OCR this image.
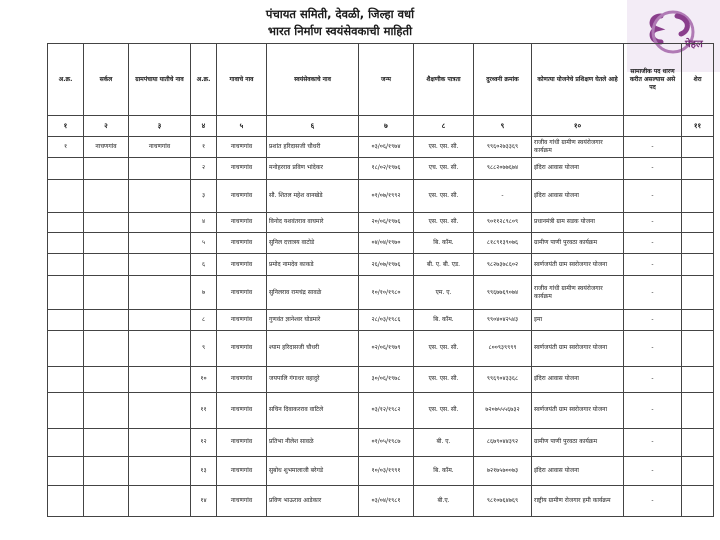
पंचायत समिती, देवळी, जिल्हा वर्धा
भारत निर्माण स्वयंसेवकाची माहिती
पेहल
अ.क्र.	सर्कल	ग्रामपंचाया यातीचे नाव	अ.क्र.	गावाचे नाव	स्वयंसेवकाचे नाव	जन्म	शैक्षणीक पात्रता	दुरध्वनी क्रमांक	कोणत्या योजनेचे प्रशिक्षण घेतले आहे	सामाजीक पद धारण करीत असल्यास असे पद	शेरा
१	२	३	४	५	६	७	८	९	१०		११
१	नाचणगांव	नाचणगांव	१	नाचणगांव	प्रशांत हरिदासजी चौधरी	०३/०६/१९७४	एस. एस. सी.	९९६०२७३३६९	राजीव गांधी ग्रामीण स्वयंरोजगार कार्यक्रम	-	
			२	नाचणगांव	मनोहरराव प्रविण भांदेकर	१८/०२/१९७६	एच. एस. सी.	९८८२०७७६७४	इंदिरा आवास योजना	-	
			३	नाचणगांव	सौ. शितल महेश वानखेडे	०१/०७/१९९२	एस. एस. सी.	-	इंदिरा आवास योजना	-	
			४	नाचणगांव	विनोद यशवंतराव वाघमारे	२०/०६/१९७६	एस. एस. सी.	९०११२८९८०९	प्रधानमंत्री ग्राम सडक योजना	-	
			५	नाचणगांव	सुनिल दत्तात्रय वाटोडे	०४/०४/१९७०	बि. कॉम.	८१८९१३९०७६	ग्रामीण पाणी पुरवठा कार्यक्रम	-	
			६	नाचणगांव	प्रमोद नामदेव काकडे	२६/०७/१९७६	बी. ए. बी. एड.	९८२७३७८६०२	स्वर्णजयंती ग्राम स्वरोजगार योजना	-	
			७	नाचणगांव	सुनिलराव रामचंद्र सावळे	१०/१०/१९८०	एम. ए.	९९६७७६९०७४	राजीव गांधी ग्रामीण स्वयंरोजगार कार्यक्रम	-	
			८	नाचणगांव	गुणवंत ज्ञानेश्वर घोडमारे	२८/०३/१९८६	बि. कॉम.	९९०४०४२५४३	इमा	-	
			९	नाचणगांव	श्याम हरिदासजी चौधरी	०२/०६/१९७९	एस. एस. सी.	८००९३९९९९	स्वर्णजयंती ग्राम स्वरोजगार योजना	-	
			१०	नाचणगांव	जयपालि गंगाधर वहादुरे	३०/०६/१९७८	एस. एस. सी.	९९६९०४३३६८	इंदिरा आवास योजना	-	
			११	नाचणगांव	सचिन दिवाकरराव वाटिले	०३/१२/१९८२	एस. एस. सी.	७२०७५५५६७३२	स्वर्णजयंती ग्राम स्वरोजगार योजना	-	
			१२	नाचणगांव	प्रतिभा नीलेश सावळे	०१/०५/१९८७	बी. ए.	८६७९०४४३९२	ग्रामीण पाणी पुरवठा कार्यक्रम	-	
			१३	नाचणगांव	सुबोध शुभमालाजी बरेगडे	१०/०३/१९९१	बि. कॉम.	७२१७५७००७३	इंदिरा आवास योजना	-	
			१४	नाचणगांव	प्रविण भाऊराव आडेकार	०३/०४/१९८१	बी.ए.	९८१०७६४७६९	राष्ट्रीय ग्रामीण रोजगार हमी कार्यक्रम	-	
